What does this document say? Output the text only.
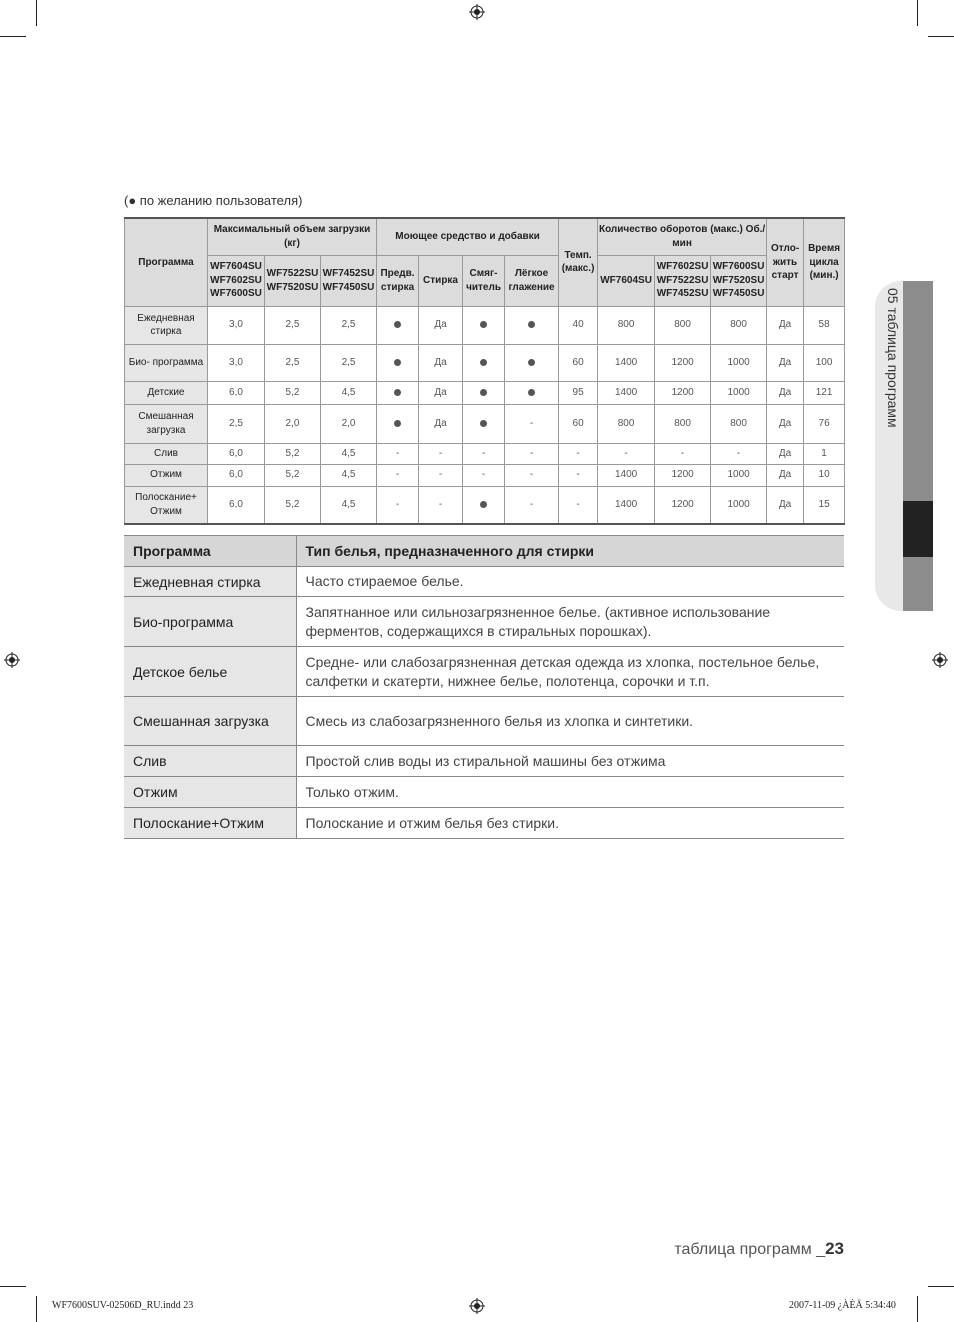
(● по желанию пользователя)
Программа	Максимальный объем загрузки (кг)			Моющее средство и добавки				Темп. (макс.)	Количество оборотов (макс.) Об./мин			Отло- жить старт	Время цикла (мин.)
	WF7604SU WF7602SU WF7600SU	WF7522SU WF7520SU	WF7452SU WF7450SU	Предв. стирка	Стирка	Смяг- читель	Лёгкое глажение		WF7604SU	WF7602SU WF7522SU WF7452SU	WF7600SU WF7520SU WF7450SU		
Ежедневная стирка	3,0	2,5	2,5		Да			40	800	800	800	Да	58
Био- программа	3,0	2,5	2,5		Да			60	1400	1200	1000	Да	100
Детские	6,0	5,2	4,5		Да			95	1400	1200	1000	Да	121
Смешанная загрузка	2,5	2,0	2,0		Да		-	60	800	800	800	Да	76
Слив	6,0	5,2	4,5	-	-	-	-	-	-	-	-	Да	1
Отжим	6,0	5,2	4,5	-	-	-	-	-	1400	1200	1000	Да	10
Полоскание+ Отжим	6,0	5,2	4,5	-	-		-	-	1400	1200	1000	Да	15
Программа	Тип белья, предназначенного для стирки
Ежедневная стирка	Часто стираемое белье.
Био-программа	Запятнанное или сильнозагрязненное белье. (активное использование ферментов, содержащихся в стиральных порошках).
Детское белье	Средне- или слабозагрязненная детская одежда из хлопка, постельное белье, салфетки и скатерти, нижнее белье, полотенца, сорочки и т.п.
Смешанная загрузка	Смесь из слабозагрязненного белья из хлопка и синтетики.
Слив	Простой слив воды из стиральной машины без отжима
Отжим	Только отжим.
Полоскание+Отжим	Полоскание и отжим белья без стирки.
05 таблица программ
таблица программ _23
WF7600SUV-02506D_RU.indd 23	2007-11-09 ¿ÀÈÄ 5:34:40
